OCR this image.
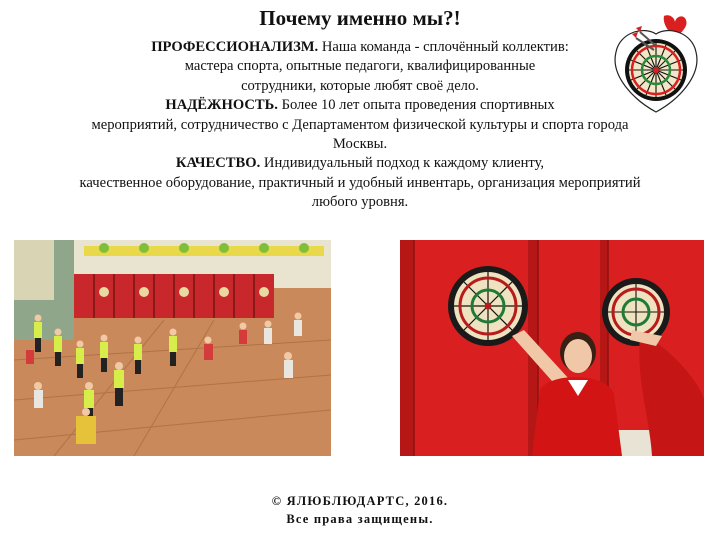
Почему именно мы?!
ПРОФЕССИОНАЛИЗМ. Наша команда - сплочённый коллектив:
мастера спорта, опытные педагоги, квалифицированные
сотрудники, которые любят своё дело.
НАДЁЖНОСТЬ. Более 10 лет опыта проведения спортивных
мероприятий, сотрудничество с Департаментом физической культуры и спорта города
Москвы.
КАЧЕСТВО. Индивидуальный подход к каждому клиенту,
качественное оборудование, практичный и удобный инвентарь, организация мероприятий
любого уровня.
© ЯЛЮБЛЮДАРТС, 2016.
Все права защищены.
